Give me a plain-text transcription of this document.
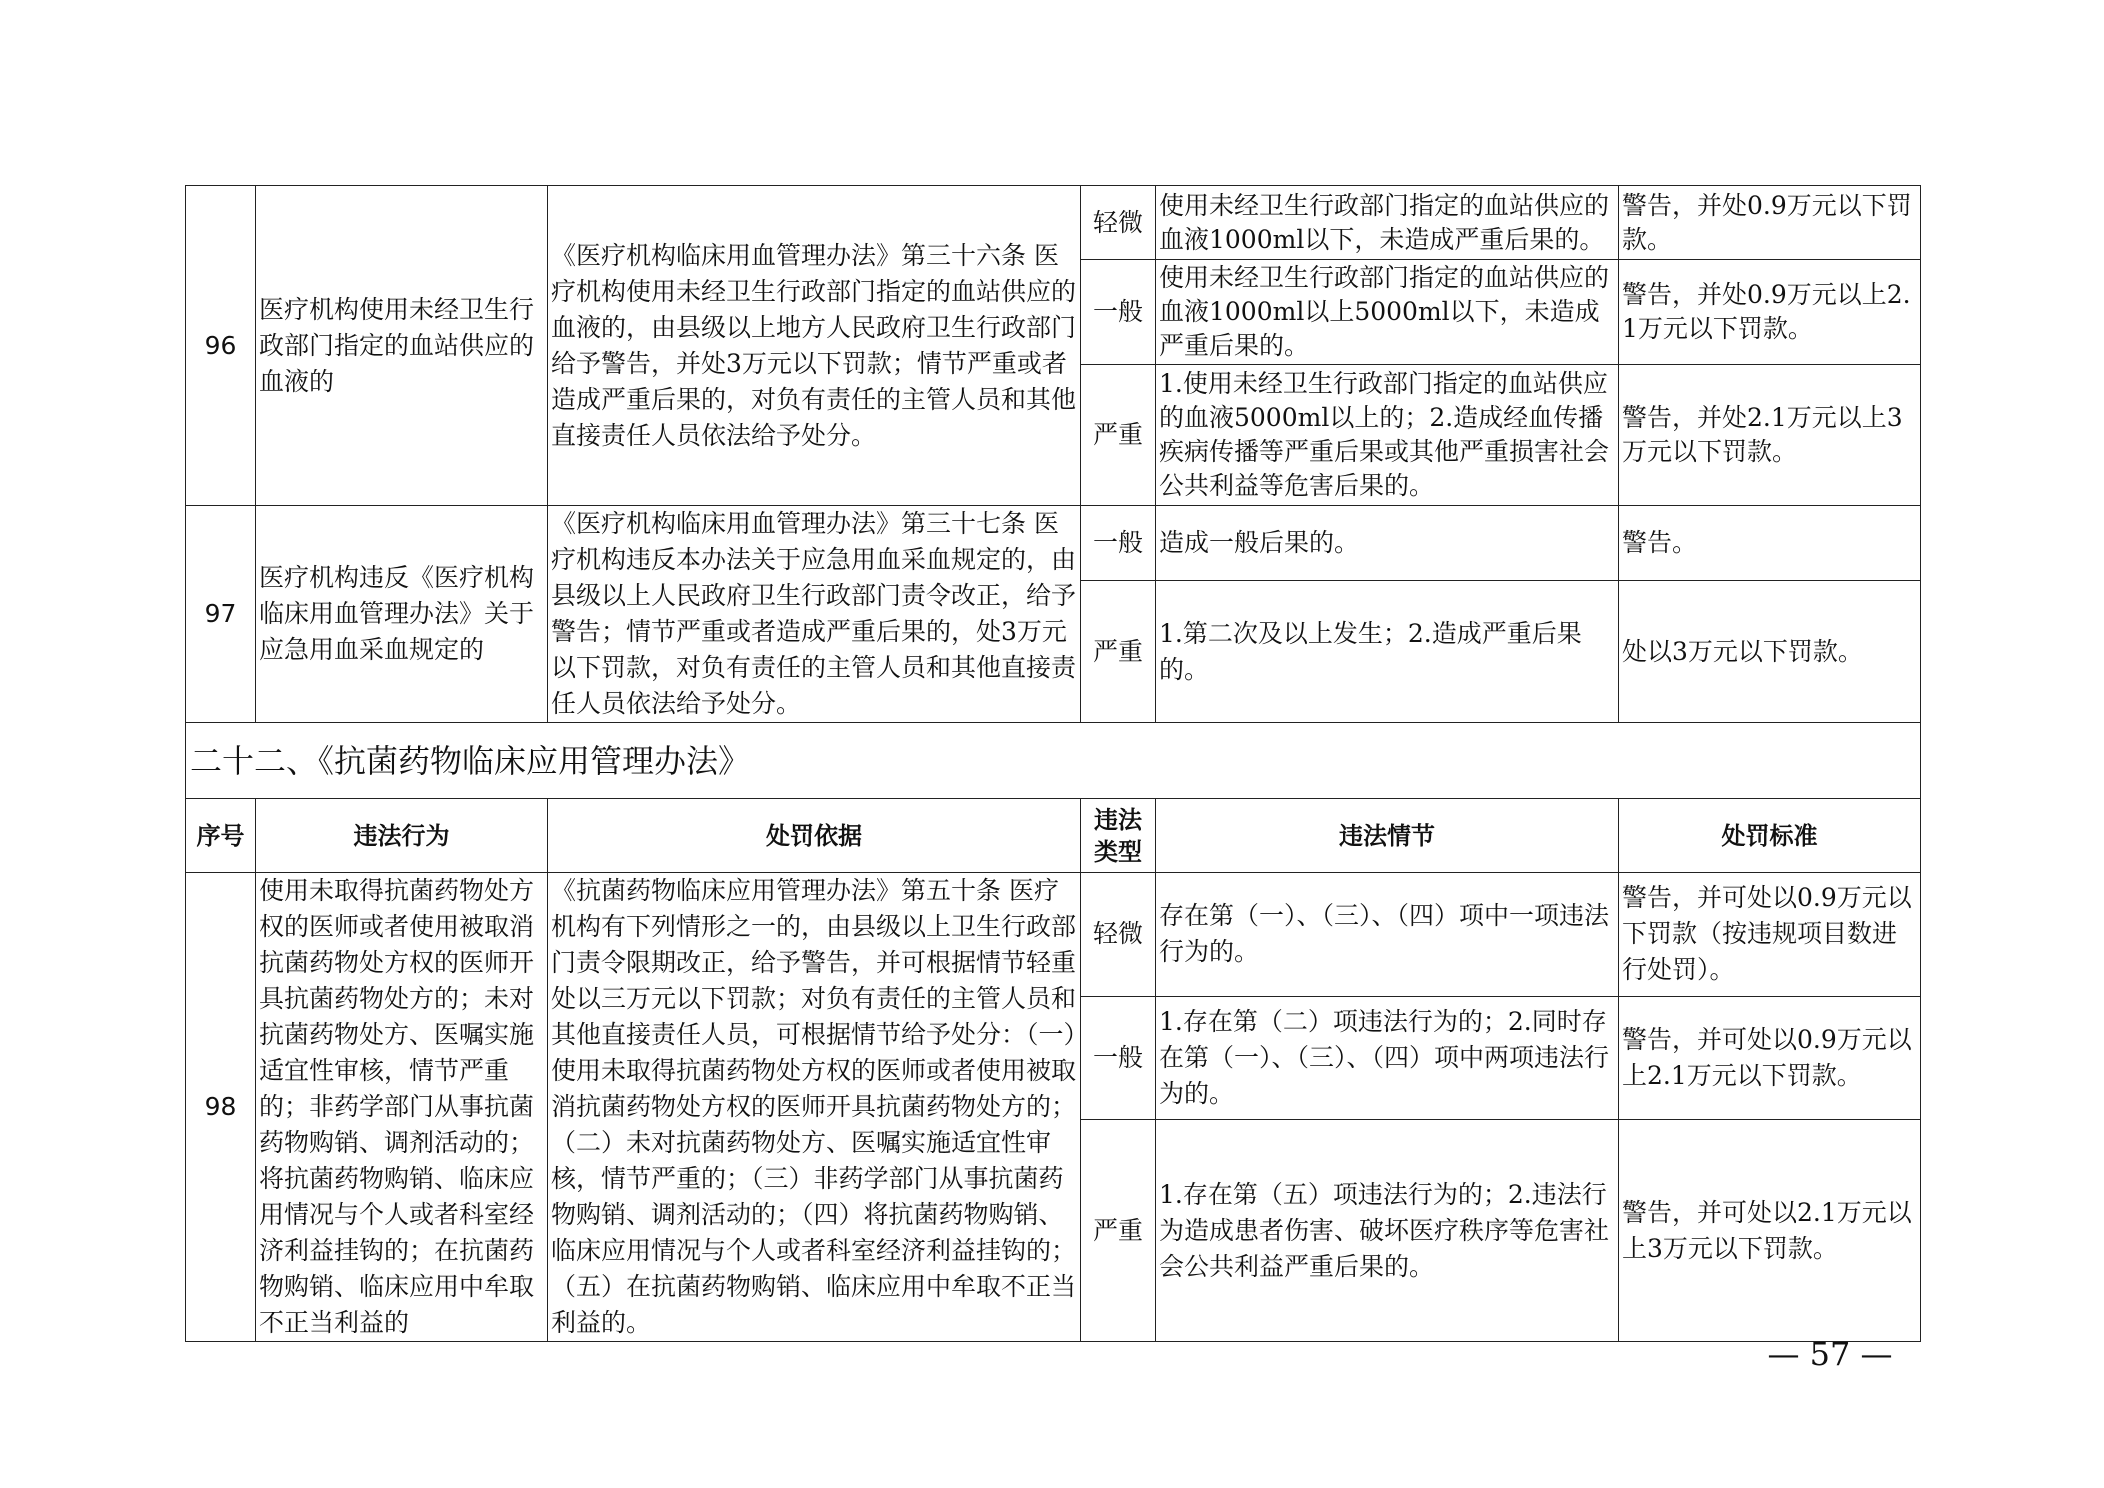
96	医疗机构使用未经卫生行政部门指定的血站供应的血液的	《医疗机构临床用血管理办法》第三十六条 医疗机构使用未经卫生行政部门指定的血站供应的血液的，由县级以上地方人民政府卫生行政部门给予警告，并处3万元以下罚款；情节严重或者造成严重后果的，对负有责任的主管人员和其他直接责任人员依法给予处分。	轻微	使用未经卫生行政部门指定的血站供应的血液1000ml以下，未造成严重后果的。	警告，并处0.9万元以下罚款。
			一般	使用未经卫生行政部门指定的血站供应的血液1000ml以上5000ml以下，未造成严重后果的。	警告，并处0.9万元以上2.1万元以下罚款。
			严重	1.使用未经卫生行政部门指定的血站供应的血液5000ml以上的；2.造成经血传播疾病传播等严重后果或其他严重损害社会公共利益等危害后果的。	警告，并处2.1万元以上3万元以下罚款。
97	医疗机构违反《医疗机构临床用血管理办法》关于应急用血采血规定的	《医疗机构临床用血管理办法》第三十七条 医疗机构违反本办法关于应急用血采血规定的，由县级以上人民政府卫生行政部门责令改正，给予警告；情节严重或者造成严重后果的，处3万元以下罚款，对负有责任的主管人员和其他直接责任人员依法给予处分。	一般	造成一般后果的。	警告。
			严重	1.第二次及以上发生；2.造成严重后果的。	处以3万元以下罚款。
二十二、《抗菌药物临床应用管理办法》					
序号	违法行为	处罚依据	违法类型	违法情节	处罚标准
98	使用未取得抗菌药物处方权的医师或者使用被取消抗菌药物处方权的医师开具抗菌药物处方的；未对抗菌药物处方、医嘱实施适宜性审核，情节严重的；非药学部门从事抗菌药物购销、调剂活动的；将抗菌药物购销、临床应用情况与个人或者科室经济利益挂钩的；在抗菌药物购销、临床应用中牟取不正当利益的	《抗菌药物临床应用管理办法》第五十条 医疗机构有下列情形之一的，由县级以上卫生行政部门责令限期改正，给予警告，并可根据情节轻重处以三万元以下罚款；对负有责任的主管人员和其他直接责任人员，可根据情节给予处分：（一）使用未取得抗菌药物处方权的医师或者使用被取消抗菌药物处方权的医师开具抗菌药物处方的；（二）未对抗菌药物处方、医嘱实施适宜性审核，情节严重的；（三）非药学部门从事抗菌药物购销、调剂活动的；（四）将抗菌药物购销、临床应用情况与个人或者科室经济利益挂钩的；（五）在抗菌药物购销、临床应用中牟取不正当利益的。	轻微	存在第（一）、（三）、（四）项中一项违法行为的。	警告，并可处以0.9万元以下罚款（按违规项目数进行处罚）。
			一般	1.存在第（二）项违法行为的；2.同时存在第（一）、（三）、（四）项中两项违法行为的。	警告，并可处以0.9万元以上2.1万元以下罚款。
			严重	1.存在第（五）项违法行为的；2.违法行为造成患者伤害、破坏医疗秩序等危害社会公共利益严重后果的。	警告，并可处以2.1万元以上3万元以下罚款。
— 57 —
